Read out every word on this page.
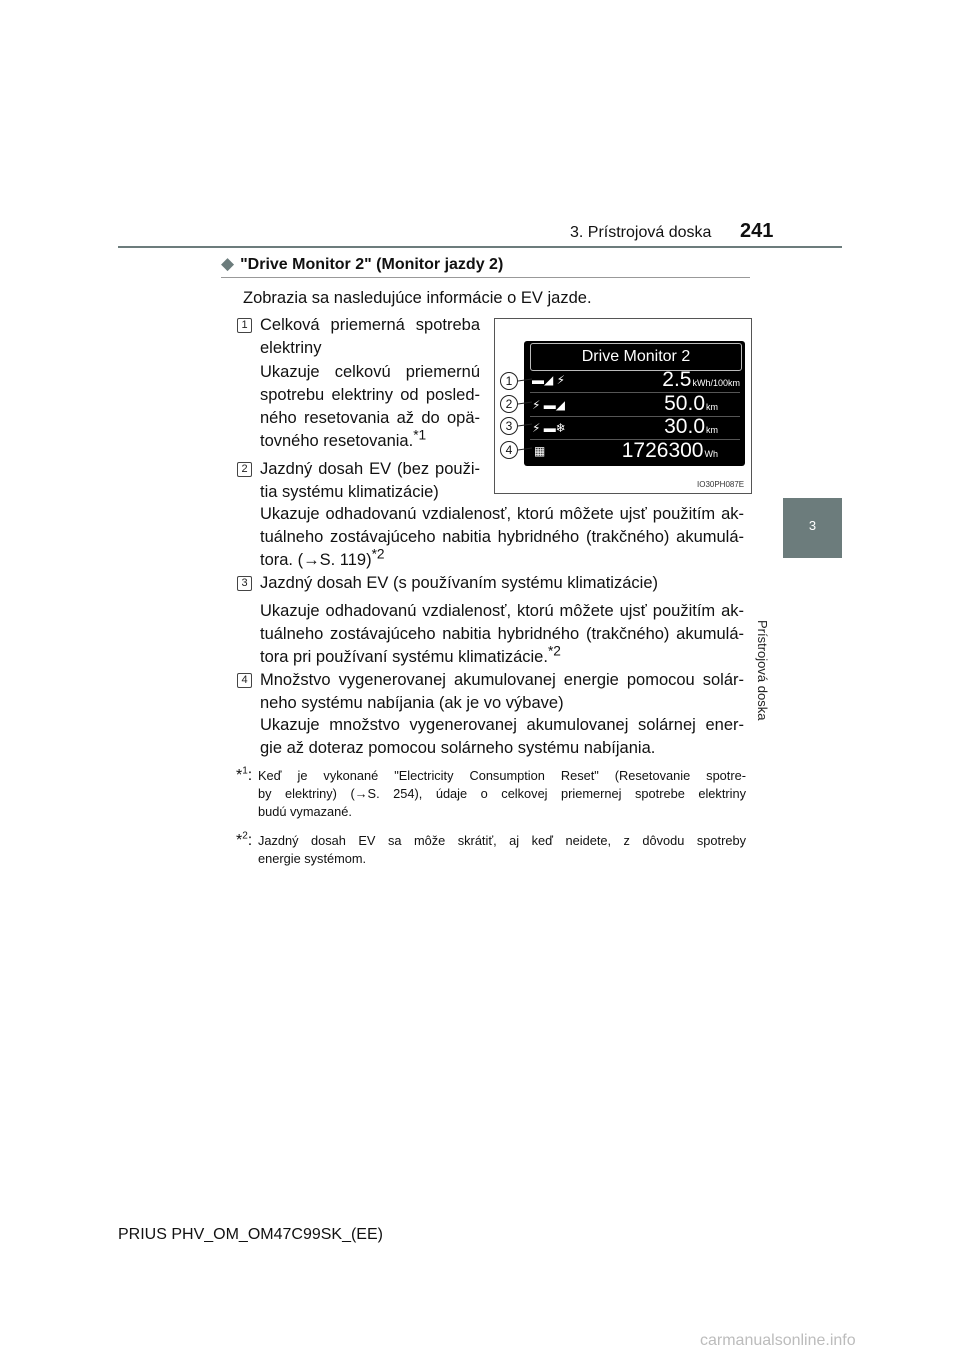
3. Prístrojová doska 241
3
Prístrojová doska
◆ "Drive Monitor 2" (Monitor jazdy 2)
Zobrazia sa nasledujúce informácie o EV jazde.
1 Celková priemerná spotreba
elektriny
Ukazuje celkovú priemernú
spotrebu elektriny od posled-
ného resetovania až do opä-
tovného resetovania.$^{*1}$
2 Jazdný dosah EV (bez použi-
tia systému klimatizácie)
Ukazuje odhadovanú vzdialenosť, ktorú môžete ujsť použitím ak-
tuálneho zostávajúceho nabitia hybridného (trakčného) akumulá-
tora. (→S. 119)$^{*2}$
3 Jazdný dosah EV (s používaním systému klimatizácie)
Ukazuje odhadovanú vzdialenosť, ktorú môžete ujsť použitím ak-
tuálneho zostávajúceho nabitia hybridného (trakčného) akumulá-
tora pri používaní systému klimatizácie.$^{*2}$
4 Množstvo vygenerovanej akumulovanej energie pomocou solár-
neho systému nabíjania (ak je vo výbave)
Ukazuje množstvo vygenerovanej akumulovanej solárnej ener-
gie až doteraz pomocou solárneho systému nabíjania.
Drive Monitor 2
▬◢ ⚡	2.5kWh/100km
⚡ ▬◢	50.0km
⚡ ▬❄	30.0km
▦	1726300Wh
1
2
3
4
IO30PH087E
*$^1$: Keď je vykonané "Electricity Consumption Reset" (Resetovanie spotre-
by elektriny) (→S. 254), údaje o celkovej priemernej spotrebe elektriny
budú vymazané.
*$^2$: Jazdný dosah EV sa môže skrátiť, aj keď neidete, z dôvodu spotreby
energie systémom.
PRIUS PHV_OM_OM47C99SK_(EE)
carmanualsonline.info
